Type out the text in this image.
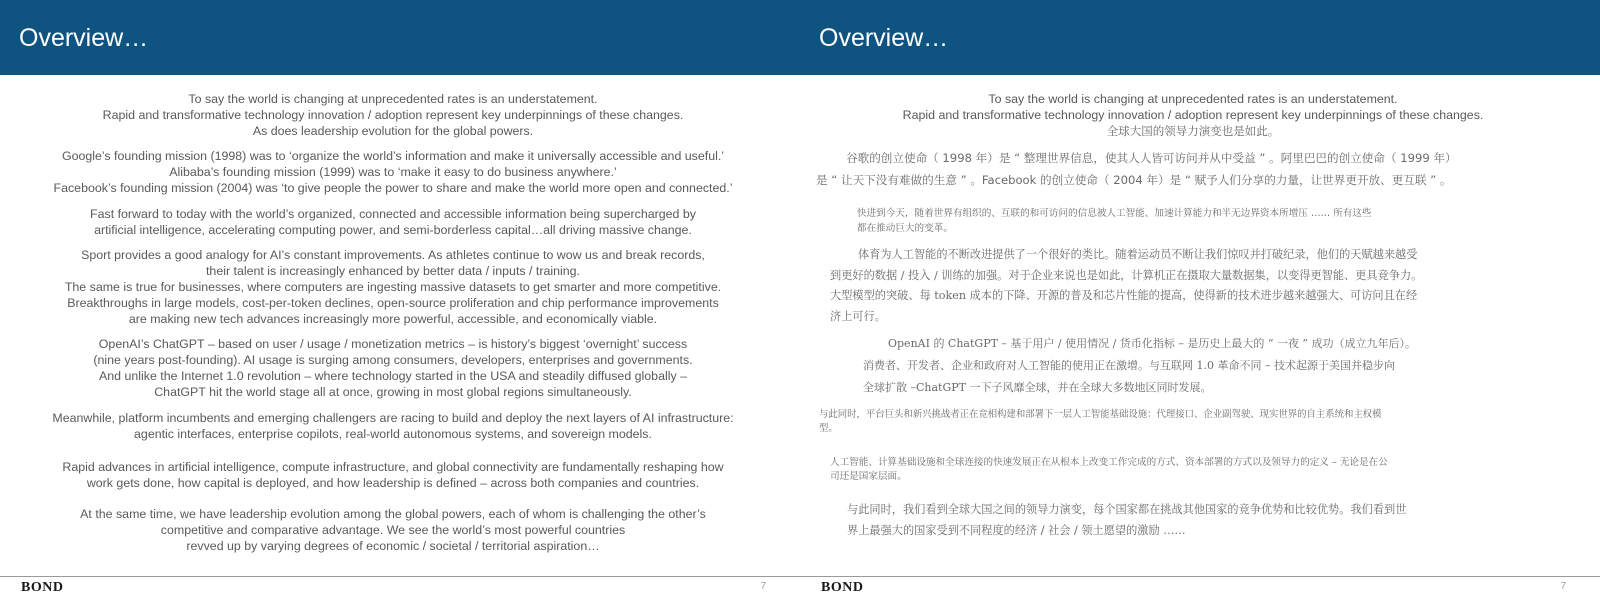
Overview…

To say the world is changing at unprecedented rates is an understatement.
Rapid and transformative technology innovation / adoption represent key underpinnings of these changes.
As does leadership evolution for the global powers.

Google’s founding mission (1998) was to ‘organize the world’s information and make it universally accessible and useful.’
Alibaba’s founding mission (1999) was to ‘make it easy to do business anywhere.’
Facebook’s founding mission (2004) was ‘to give people the power to share and make the world more open and connected.’

Fast forward to today with the world’s organized, connected and accessible information being supercharged by
artificial intelligence, accelerating computing power, and semi-borderless capital…all driving massive change.

Sport provides a good analogy for AI’s constant improvements. As athletes continue to wow us and break records,
their talent is increasingly enhanced by better data / inputs / training.
The same is true for businesses, where computers are ingesting massive datasets to get smarter and more competitive.
Breakthroughs in large models, cost-per-token declines, open-source proliferation and chip performance improvements
are making new tech advances increasingly more powerful, accessible, and economically viable.

OpenAI’s ChatGPT – based on user / usage / monetization metrics – is history’s biggest ‘overnight’ success
(nine years post-founding). AI usage is surging among consumers, developers, enterprises and governments.
And unlike the Internet 1.0 revolution – where technology started in the USA and steadily diffused globally –
ChatGPT hit the world stage all at once, growing in most global regions simultaneously.

Meanwhile, platform incumbents and emerging challengers are racing to build and deploy the next layers of AI infrastructure:
agentic interfaces, enterprise copilots, real-world autonomous systems, and sovereign models.

Rapid advances in artificial intelligence, compute infrastructure, and global connectivity are fundamentally reshaping how
work gets done, how capital is deployed, and how leadership is defined – across both companies and countries.

At the same time, we have leadership evolution among the global powers, each of whom is challenging the other’s
competitive and comparative advantage. We see the world’s most powerful countries
revved up by varying degrees of economic / societal / territorial aspiration…

BOND	7
Overview…

To say the world is changing at unprecedented rates is an understatement.
Rapid and transformative technology innovation / adoption represent key underpinnings of these changes.
全球大国的领导力演变也是如此。

谷歌的创立使命（ 1998 年）是 “ 整理世界信息，使其人人皆可访问并从中受益 ” 。阿里巴巴的创立使命（ 1999 年）
是 “ 让天下没有难做的生意 ” 。Facebook 的创立使命（ 2004 年）是 “ 赋予人们分享的力量，让世界更开放、更互联 ” 。
快进到今天，随着世界有组织的、互联的和可访问的信息被人工智能、加速计算能力和半无边界资本所增压 …… 所有这些
都在推动巨大的变革。
体育为人工智能的不断改进提供了一个很好的类比。随着运动员不断让我们惊叹并打破纪录，他们的天赋越来越受
到更好的数据 / 投入 / 训练的加强。对于企业来说也是如此，计算机正在摄取大量数据集，以变得更智能、更具竞争力。
大型模型的突破、每 token 成本的下降、开源的普及和芯片性能的提高，使得新的技术进步越来越强大、可访问且在经
济上可行。
OpenAI 的 ChatGPT – 基于用户 / 使用情况 / 货币化指标 – 是历史上最大的 “ 一夜 ” 成功（成立九年后）。
消费者、开发者、企业和政府对人工智能的使用正在激增。与互联网 1.0 革命不同 – 技术起源于美国并稳步向
全球扩散 –ChatGPT 一下子风靡全球，并在全球大多数地区同时发展。
与此同时，平台巨头和新兴挑战者正在竞相构建和部署下一层人工智能基础设施：代理接口、企业副驾驶、现实世界的自主系统和主权模
型。
人工智能、计算基础设施和全球连接的快速发展正在从根本上改变工作完成的方式、资本部署的方式以及领导力的定义 – 无论是在公
司还是国家层面。
与此同时，我们看到全球大国之间的领导力演变，每个国家都在挑战其他国家的竞争优势和比较优势。我们看到世
界上最强大的国家受到不同程度的经济 / 社会 / 领土愿望的激励 ……
BOND	7
